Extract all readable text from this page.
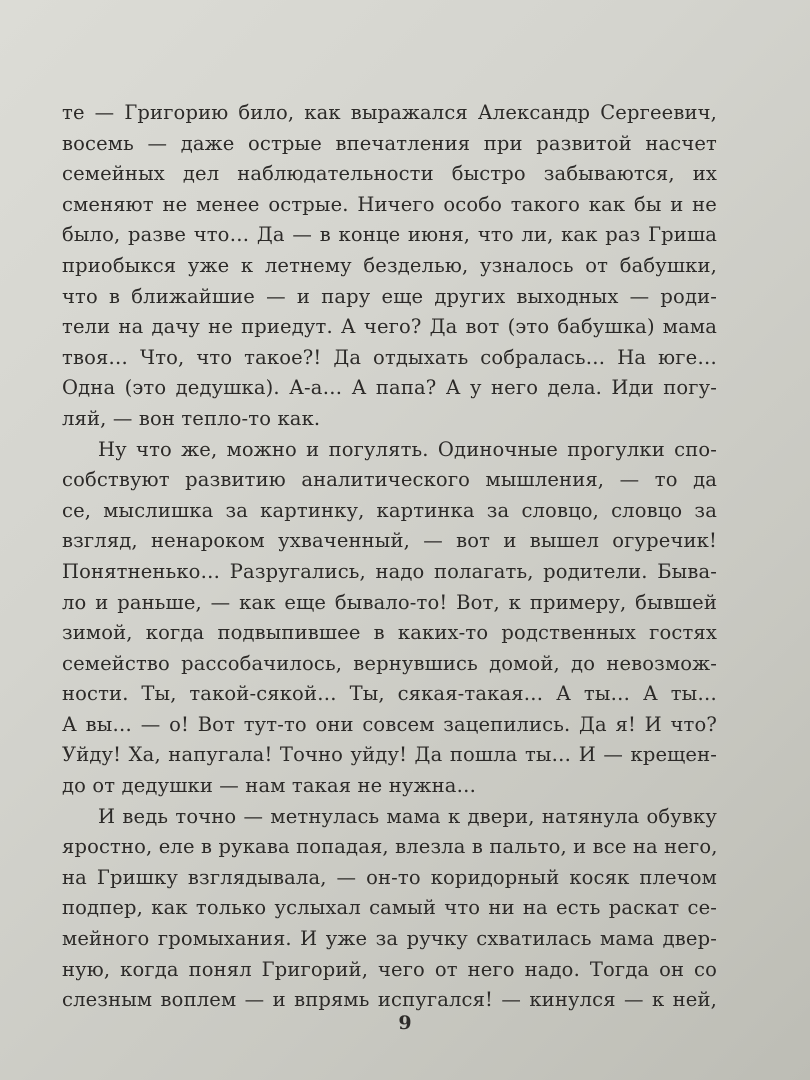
те — Григорию било, как выражался Александр Сергеевич,
восемь — даже острые впечатления при развитой насчет
семейных дел наблюдательности быстро забываются, их
сменяют не менее острые. Ничего особо такого как бы и не
было, разве что… Да — в конце июня, что ли, как раз Гриша
приобыкся уже к летнему безделью, узналось от бабушки,
что в ближайшие — и пару еще других выходных — роди-
тели на дачу не приедут. А чего? Да вот (это бабушка) мама
твоя… Что, что такое?! Да отдыхать собралась… На юге…
Одна (это дедушка). А-а… А папа? А у него дела. Иди погу-
ляй, — вон тепло-то как.
Ну что же, можно и погулять. Одиночные прогулки спо-
собствуют развитию аналитического мышления, — то да
се, мыслишка за картинку, картинка за словцо, словцо за
взгляд, ненароком ухваченный, — вот и вышел огуречик!
Понятненько… Разругались, надо полагать, родители. Быва-
ло и раньше, — как еще бывало-то! Вот, к примеру, бывшей
зимой, когда подвыпившее в каких-то родственных гостях
семейство рассобачилось, вернувшись домой, до невозмож-
ности. Ты, такой-сякой… Ты, сякая-такая… А ты… А ты…
А вы… — о! Вот тут-то они совсем зацепились. Да я! И что?
Уйду! Ха, напугала! Точно уйду! Да пошла ты… И — крещен-
до от дедушки — нам такая не нужна…
И ведь точно — метнулась мама к двери, натянула обувку
яростно, еле в рукава попадая, влезла в пальто, и все на него,
на Гришку взглядывала, — он-то коридорный косяк плечом
подпер, как только услыхал самый что ни на есть раскат се-
мейного громыхания. И уже за ручку схватилась мама двер-
ную, когда понял Григорий, чего от него надо. Тогда он со
слезным воплем — и впрямь испугался! — кинулся — к ней,
9
